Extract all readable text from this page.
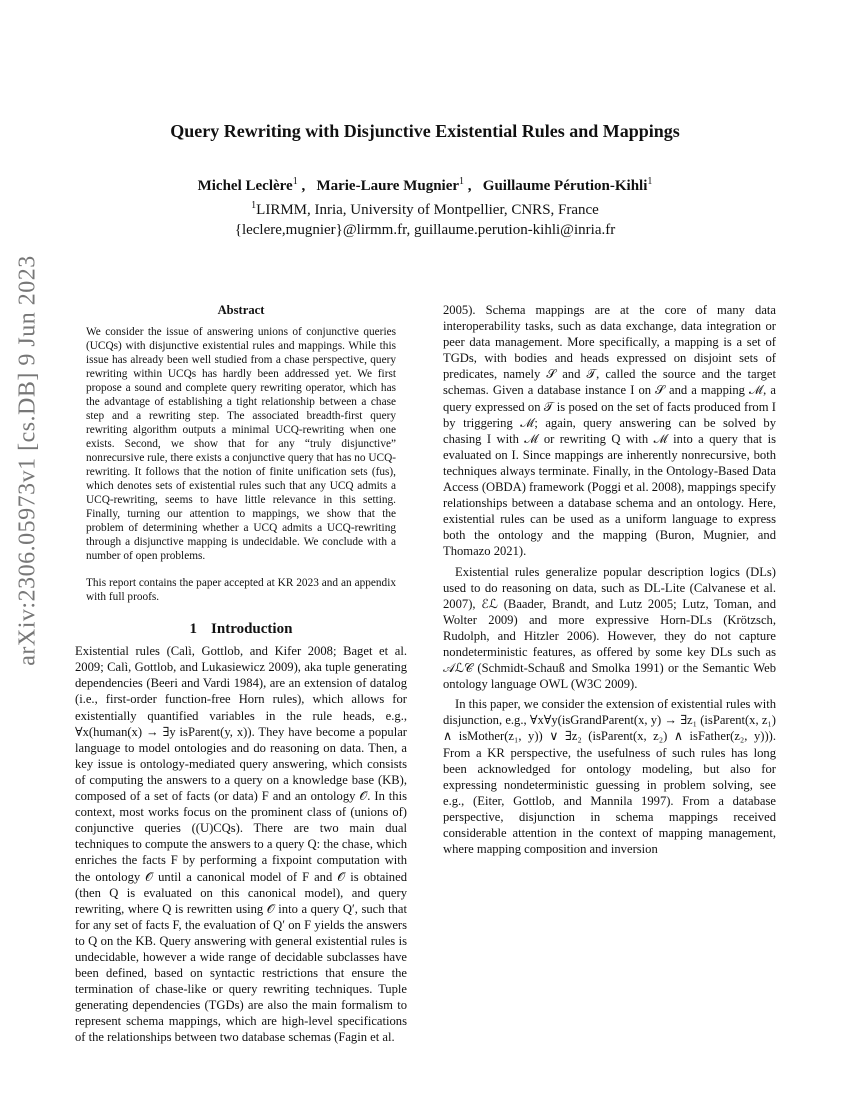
arXiv:2306.05973v1 [cs.DB] 9 Jun 2023
Query Rewriting with Disjunctive Existential Rules and Mappings
Michel Leclère$^1$ ,   Marie-Laure Mugnier$^1$ ,   Guillaume Pérution-Kihli$^1$
$^1$LIRMM, Inria, University of Montpellier, CNRS, France
{leclere,mugnier}@lirmm.fr, guillaume.perution-kihli@inria.fr
Abstract
We consider the issue of answering unions of conjunctive queries (UCQs) with disjunctive existential rules and mappings. While this issue has already been well studied from a chase perspective, query rewriting within UCQs has hardly been addressed yet. We first propose a sound and complete query rewriting operator, which has the advantage of establishing a tight relationship between a chase step and a rewriting step. The associated breadth-first query rewriting algorithm outputs a minimal UCQ-rewriting when one exists. Second, we show that for any “truly disjunctive” nonrecursive rule, there exists a conjunctive query that has no UCQ-rewriting. It follows that the notion of finite unification sets (fus), which denotes sets of existential rules such that any UCQ admits a UCQ-rewriting, seems to have little relevance in this setting. Finally, turning our attention to mappings, we show that the problem of determining whether a UCQ admits a UCQ-rewriting through a disjunctive mapping is undecidable. We conclude with a number of open problems.
This report contains the paper accepted at KR 2023 and an appendix with full proofs.
1 Introduction

Existential rules (Calì, Gottlob, and Kifer 2008; Baget et al. 2009; Calì, Gottlob, and Lukasiewicz 2009), aka tuple generating dependencies (Beeri and Vardi 1984), are an extension of datalog (i.e., first-order function-free Horn rules), which allows for existentially quantified variables in the rule heads, e.g., ∀x(human(x) → ∃y isParent(y, x)). They have become a popular language to model ontologies and do reasoning on data. Then, a key issue is ontology-mediated query answering, which consists of computing the answers to a query on a knowledge base (KB), composed of a set of facts (or data) F and an ontology 𝒪. In this context, most works focus on the prominent class of (unions of) conjunctive queries ((U)CQs). There are two main dual techniques to compute the answers to a query Q: the chase, which enriches the facts F by performing a fixpoint computation with the ontology 𝒪 until a canonical model of F and 𝒪 is obtained (then Q is evaluated on this canonical model), and query rewriting, where Q is rewritten using 𝒪 into a query Q′, such that for any set of facts F, the evaluation of Q′ on F yields the answers to Q on the KB. Query answering with general existential rules is undecidable, however a wide range of decidable subclasses have been defined, based on syntactic restrictions that ensure the termination of chase-like or query rewriting techniques. Tuple generating dependencies (TGDs) are also the main formalism to represent schema mappings, which are high-level specifications of the relationships between two database schemas (Fagin et al.

2005). Schema mappings are at the core of many data interoperability tasks, such as data exchange, data integration or peer data management. More specifically, a mapping is a set of TGDs, with bodies and heads expressed on disjoint sets of predicates, namely 𝒮 and 𝒯, called the source and the target schemas. Given a database instance I on 𝒮 and a mapping ℳ, a query expressed on 𝒯 is posed on the set of facts produced from I by triggering ℳ; again, query answering can be solved by chasing I with ℳ or rewriting Q with ℳ into a query that is evaluated on I. Since mappings are inherently nonrecursive, both techniques always terminate. Finally, in the Ontology-Based Data Access (OBDA) framework (Poggi et al. 2008), mappings specify relationships between a database schema and an ontology. Here, existential rules can be used as a uniform language to express both the ontology and the mapping (Buron, Mugnier, and Thomazo 2021).

Existential rules generalize popular description logics (DLs) used to do reasoning on data, such as DL-Lite (Calvanese et al. 2007), ℰℒ (Baader, Brandt, and Lutz 2005; Lutz, Toman, and Wolter 2009) and more expressive Horn-DLs (Krötzsch, Rudolph, and Hitzler 2006). However, they do not capture nondeterministic features, as offered by some key DLs such as 𝒜ℒ𝒞 (Schmidt-Schauß and Smolka 1991) or the Semantic Web ontology language OWL (W3C 2009).

In this paper, we consider the extension of existential rules with disjunction, e.g., ∀x∀y(isGrandParent(x, y) → ∃z₁ (isParent(x, z₁) ∧ isMother(z₁, y)) ∨ ∃z₂ (isParent(x, z₂) ∧ isFather(z₂, y))). From a KR perspective, the usefulness of such rules has long been acknowledged for ontology modeling, but also for expressing nondeterministic guessing in problem solving, see e.g., (Eiter, Gottlob, and Mannila 1997). From a database perspective, disjunction in schema mappings received considerable attention in the context of mapping management, where mapping composition and inversion
